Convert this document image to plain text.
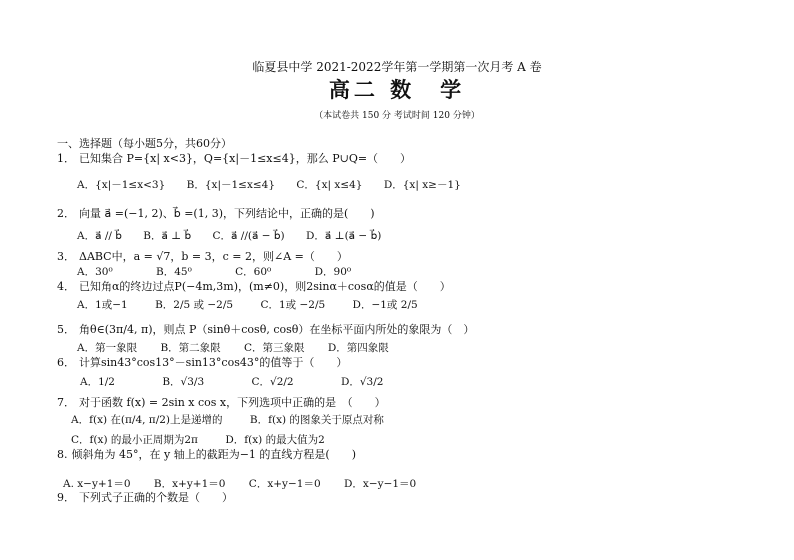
临夏县中学 2021-2022学年第一学期第一次月考 A 卷
高二 数　学
（本试卷共 150 分 考试时间 120 分钟）
一、选择题（每小题5分，共60分）
1． 已知集合 P={x| x<3}，Q={x|－1≤x≤4}，那么 P∪Q=（　　）
A．{x|－1≤x<3} B．{x|－1≤x≤4} C．{x| x≤4} D．{x| x≥－1}
2． 向量 a⃗ =(−1, 2)、b⃗ =(1, 3)，下列结论中，正确的是(　　)
A．a⃗ // b⃗ B．a⃗ ⊥ b⃗ C．a⃗ //(a⃗ − b⃗) D．a⃗ ⊥(a⃗ − b⃗)
3． ΔABC中，a = √7，b = 3，c = 2，则∠A =（　　）
A．30⁰	B．45⁰	C．60⁰	D．90⁰
4． 已知角α的终边过点P(−4m,3m)，(m≠0)，则2sinα＋cosα的值是（　　）
A．1或−1	B．2/5 或 −2/5	C．1或 −2/5	D．−1或 2/5
5． 角θ∈(3π/4, π)，则点 P（sinθ＋cosθ, cosθ）在坐标平面内所处的象限为（　）
A．第一象限 B．第二象限 C．第三象限 D．第四象限
6． 计算sin43°cos13°－sin13°cos43°的值等于（　　）
A．1/2	B．√3/3	C．√2/2	D．√3/2
7． 对于函数 f(x) = 2sin x cos x，下列选项中正确的是　（　　）
A．f(x) 在(π/4, π/2)上是递增的	B．f(x) 的图象关于原点对称
C．f(x) 的最小正周期为2π	D．f(x) 的最大值为2
8. 倾斜角为 45°，在 y 轴上的截距为−1 的直线方程是(　　)
A. x−y+1＝0 B．x+y+1＝0 C．x+y−1＝0 D．x−y−1＝0
9． 下列式子正确的个数是（　　）
